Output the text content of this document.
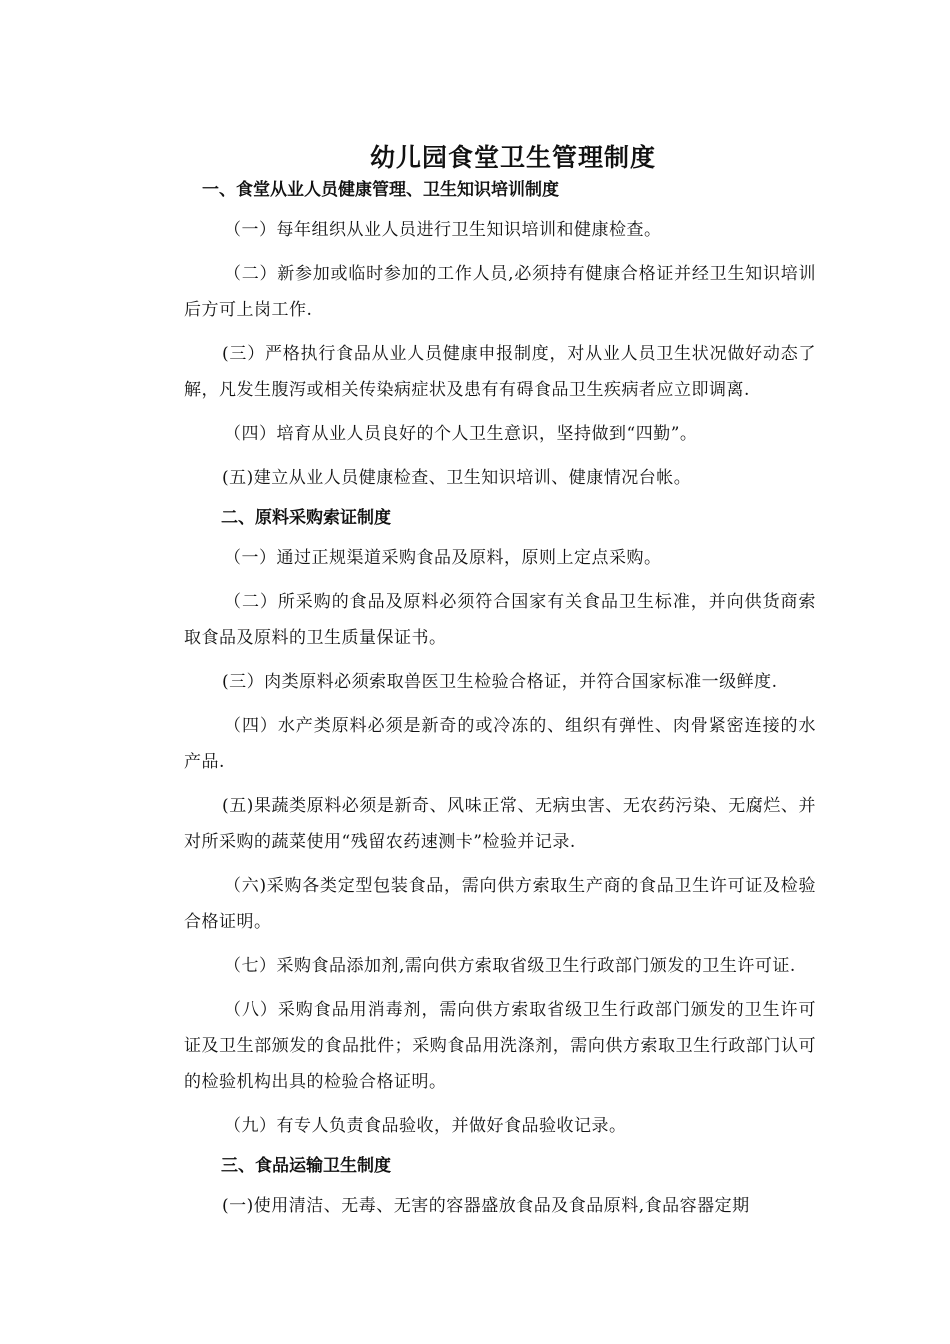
幼儿园食堂卫生管理制度
一、食堂从业人员健康管理、卫生知识培训制度

（一）每年组织从业人员进行卫生知识培训和健康检查。

（二）新参加或临时参加的工作人员,必须持有健康合格证并经卫生知识培训后方可上岗工作.

(三）严格执行食品从业人员健康申报制度，对从业人员卫生状况做好动态了解，凡发生腹泻或相关传染病症状及患有有碍食品卫生疾病者应立即调离.

（四）培育从业人员良好的个人卫生意识，坚持做到“四勤”。

(五)建立从业人员健康检查、卫生知识培训、健康情况台帐。

二、原料采购索证制度

（一）通过正规渠道采购食品及原料，原则上定点采购。

（二）所采购的食品及原料必须符合国家有关食品卫生标准，并向供货商索取食品及原料的卫生质量保证书。

(三）肉类原料必须索取兽医卫生检验合格证，并符合国家标准一级鲜度.

（四）水产类原料必须是新奇的或冷冻的、组织有弹性、肉骨紧密连接的水产品.

(五)果蔬类原料必须是新奇、风味正常、无病虫害、无农药污染、无腐烂、并对所采购的蔬菜使用“残留农药速测卡”检验并记录.

（六)采购各类定型包装食品，需向供方索取生产商的食品卫生许可证及检验合格证明。

（七）采购食品添加剂,需向供方索取省级卫生行政部门颁发的卫生许可证.

（八）采购食品用消毒剂，需向供方索取省级卫生行政部门颁发的卫生许可证及卫生部颁发的食品批件；采购食品用洗涤剂，需向供方索取卫生行政部门认可的检验机构出具的检验合格证明。

（九）有专人负责食品验收，并做好食品验收记录。

三、食品运输卫生制度

(一)使用清洁、无毒、无害的容器盛放食品及食品原料,食品容器定期
